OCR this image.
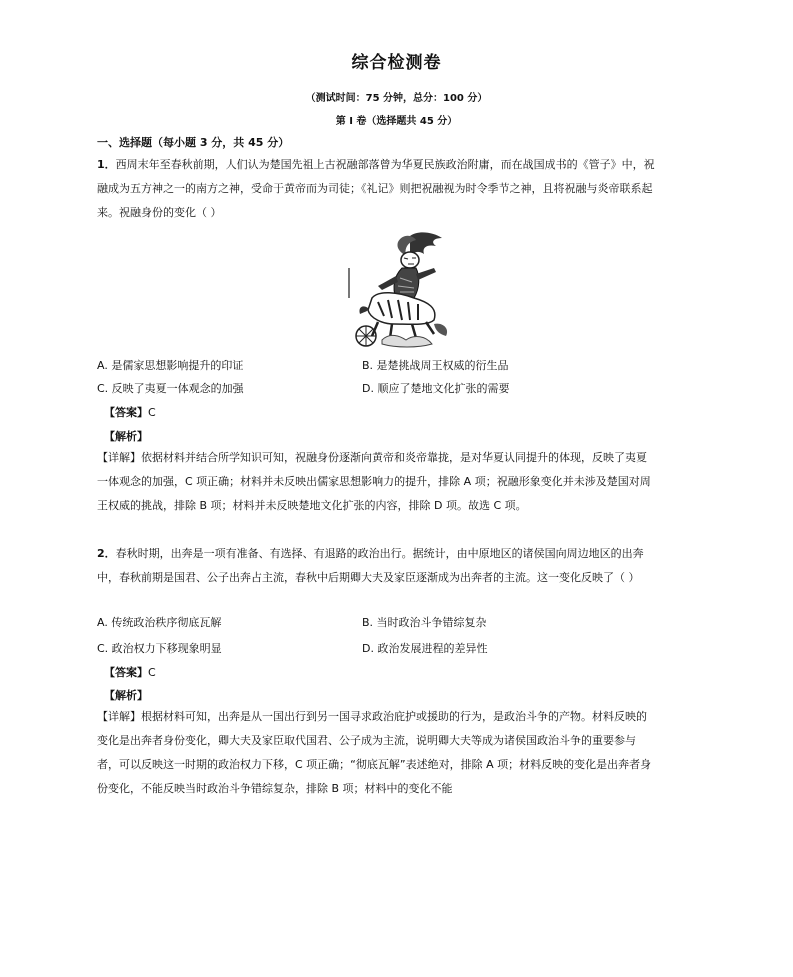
综合检测卷
（测试时间：75 分钟，总分：100 分）
第 I 卷（选择题共 45 分）
一、选择题（每小题 3 分，共 45 分）
1．西周末年至春秋前期，人们认为楚国先祖上古祝融部落曾为华夏民族政治附庸，而在战国成书的《管子》中，祝融成为五方神之一的南方之神，受命于黄帝而为司徒；《礼记》则把祝融视为时令季节之神，且将祝融与炎帝联系起来。祝融身份的变化（ ）
A. 是儒家思想影响提升的印证	B. 是楚挑战周王权威的衍生品
C. 反映了夷夏一体观念的加强	D. 顺应了楚地文化扩张的需要
【答案】C
【解析】
【详解】依据材料并结合所学知识可知，祝融身份逐渐向黄帝和炎帝靠拢，是对华夏认同提升的体现，反映了夷夏一体观念的加强，C 项正确；材料并未反映出儒家思想影响力的提升，排除 A 项；祝融形象变化并未涉及楚国对周王权威的挑战，排除 B 项；材料并未反映楚地文化扩张的内容，排除 D 项。故选 C 项。
2．春秋时期，出奔是一项有准备、有选择、有退路的政治出行。据统计，由中原地区的诸侯国向周边地区的出奔中，春秋前期是国君、公子出奔占主流，春秋中后期卿大夫及家臣逐渐成为出奔者的主流。这一变化反映了（ ）
A. 传统政治秩序彻底瓦解	B. 当时政治斗争错综复杂
C. 政治权力下移现象明显	D. 政治发展进程的差异性
【答案】C
【解析】
【详解】根据材料可知，出奔是从一国出行到另一国寻求政治庇护或援助的行为，是政治斗争的产物。材料反映的变化是出奔者身份变化，卿大夫及家臣取代国君、公子成为主流，说明卿大夫等成为诸侯国政治斗争的重要参与者，可以反映这一时期的政治权力下移，C 项正确；“彻底瓦解”表述绝对，排除 A 项；材料反映的变化是出奔者身份变化，不能反映当时政治斗争错综复杂，排除 B 项；材料中的变化不能
